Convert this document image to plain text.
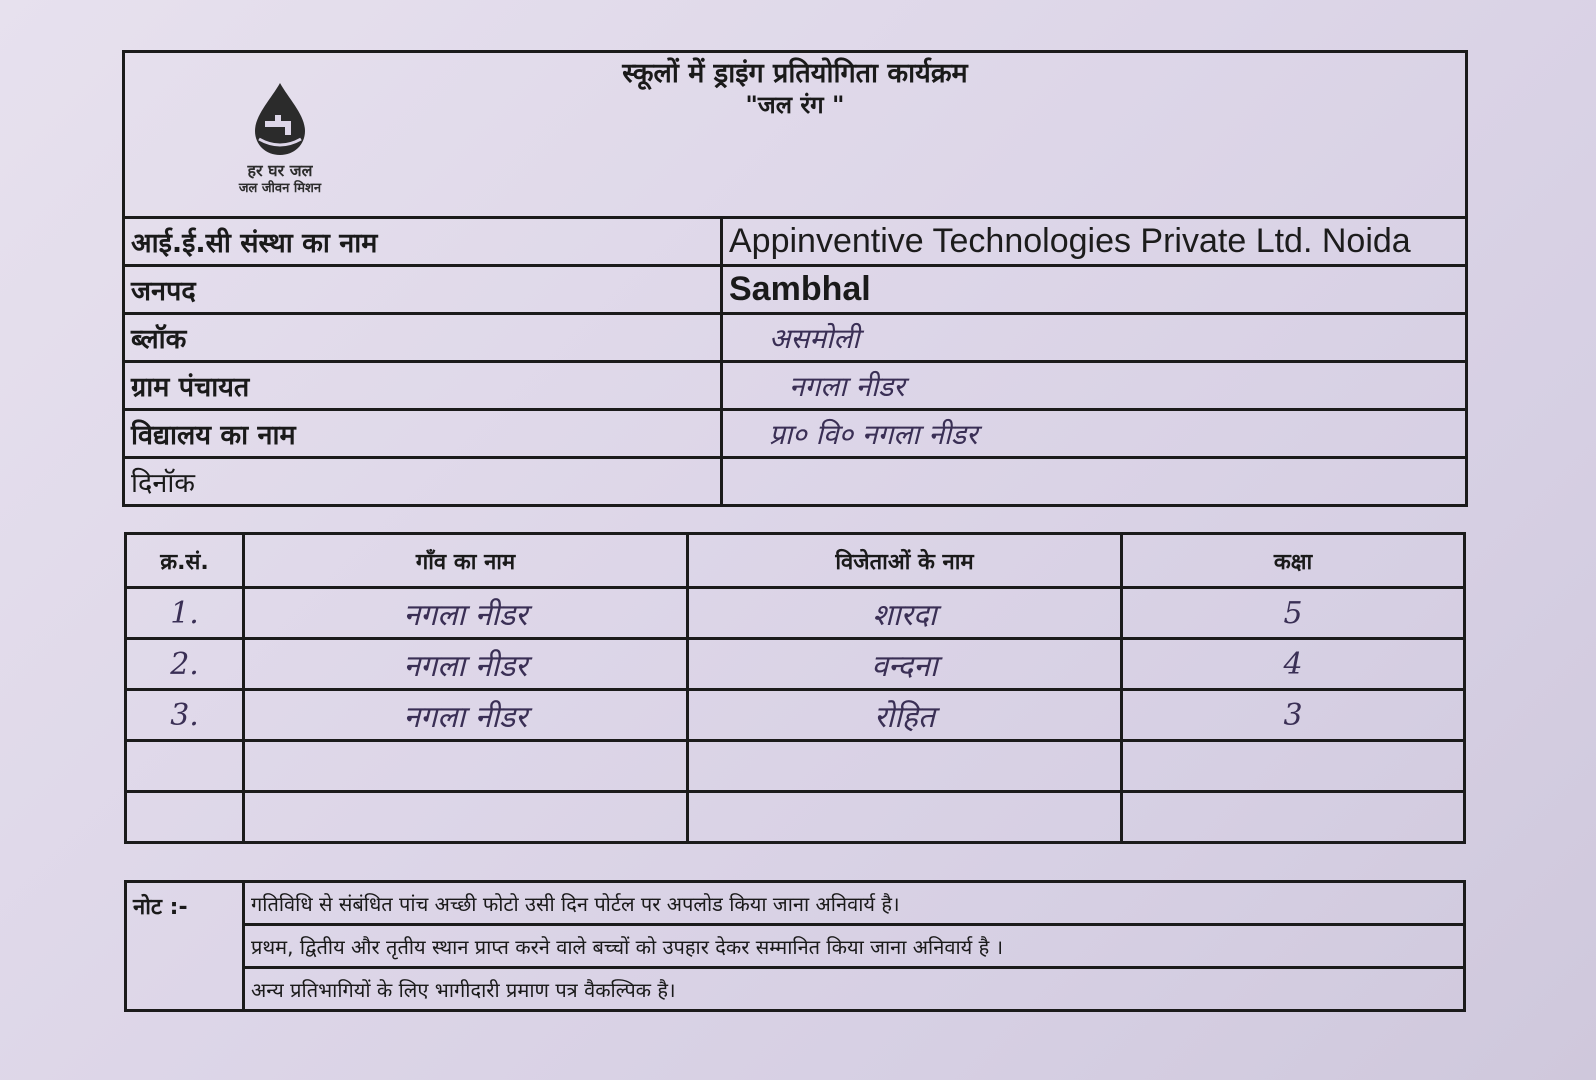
स्कूलों में ड्राइंग प्रतियोगिता कार्यक्रम
"जल रंग "
हर घर जल
जल जीवन मिशन
आई.ई.सी संस्था का नाम	Appinventive Technologies Private Ltd. Noida
जनपद	Sambhal
ब्लॉक	असमोली
ग्राम पंचायत	नगला नीडर
विद्यालय का नाम	प्रा० वि० नगला नीडर
दिनॉक	
क्र.सं.	गाँव का नाम	विजेताओं के नाम	कक्षा
1.	नगला नीडर	शारदा	5
2.	नगला नीडर	वन्दना	4
3.	नगला नीडर	रोहित	3

नोट :-	गतिविधि से संबंधित पांच अच्छी फोटो उसी दिन पोर्टल पर अपलोड किया जाना अनिवार्य है।
प्रथम, द्वितीय और तृतीय स्थान प्राप्त करने वाले बच्चों को उपहार देकर सम्मानित किया जाना अनिवार्य है ।
अन्य प्रतिभागियों के लिए भागीदारी प्रमाण पत्र वैकल्पिक है।
